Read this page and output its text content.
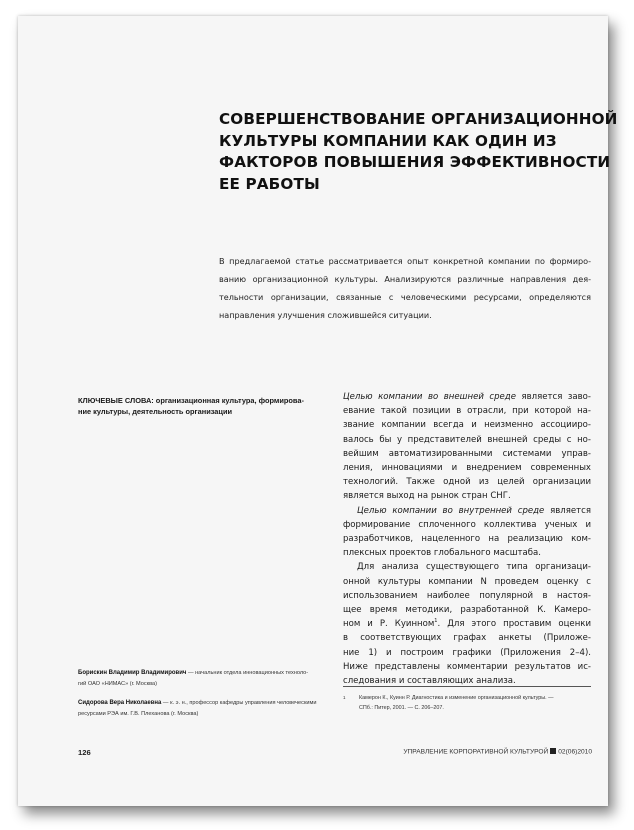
СОВЕРШЕНСТВОВАНИЕ ОРГАНИЗАЦИОННОЙ
КУЛЬТУРЫ КОМПАНИИ КАК ОДИН ИЗ
ФАКТОРОВ ПОВЫШЕНИЯ ЭФФЕКТИВНОСТИ
ЕЕ РАБОТЫ
В предлагаемой статье рассматривается опыт конкретной компании по формиро-
ванию организационной культуры. Анализируются различные направления дея-
тельности организации, связанные с человеческими ресурсами, определяются
направления улучшения сложившейся ситуации.
КЛЮЧЕВЫЕ СЛОВА: организационная культура, формирова-
ние культуры, деятельность организации
Целью компании во внешней среде является заво-
евание такой позиции в отрасли, при которой на-
звание компании всегда и неизменно ассоцииро-
валось бы у представителей внешней среды с но-
вейшим автоматизированными системами управ-
ления, инновациями и внедрением современных
технологий. Также одной из целей организации
является выход на рынок стран СНГ.
Целью компании во внутренней среде является
формирование сплоченного коллектива ученых и
разработчиков, нацеленного на реализацию ком-
плексных проектов глобального масштаба.
Для анализа существующего типа организаци-
онной культуры компании N проведем оценку с
использованием наиболее популярной в настоя-
щее время методики, разработанной К. Камеро-
ном и Р. Куинном$^1$. Для этого проставим оценки
в соответствующих графах анкеты (Приложе-
ние 1) и построим графики (Приложения 2–4).
Ниже представлены комментарии результатов ис-
следования и составляющих анализа.
Борискин Владимир Владимирович — начальник отдела инновационных техноло-
гий ОАО «НИМАС» (г. Москва)
Сидорова Вера Николаевна — к. э. н., профессор кафедры управления человеческими
ресурсами РЭА им. Г.В. Плеханова (г. Москва)
1 Камерон К., Куинн Р. Диагностика и изменение организационной культуры. —
СПб.: Питер, 2001. — С. 206–207.
126	УПРАВЛЕНИЕ КОРПОРАТИВНОЙ КУЛЬТУРОЙ 02(06)2010
